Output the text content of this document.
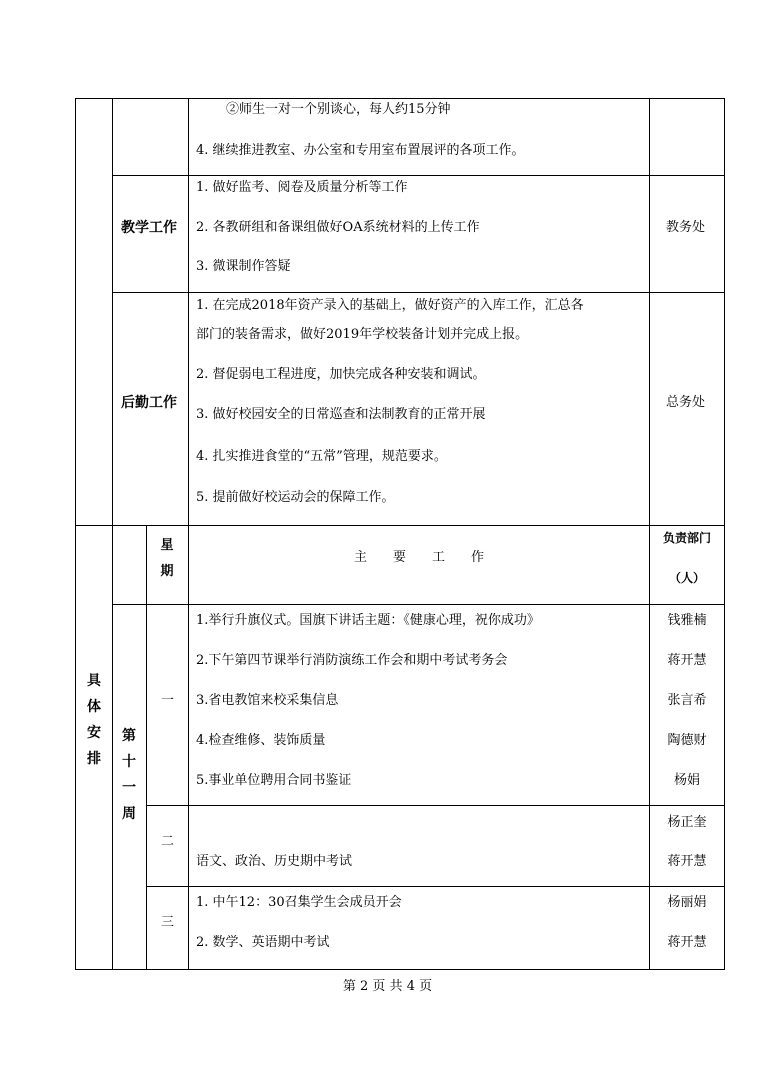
②师生一对一个别谈心，每人约15分钟
4. 继续推进教室、办公室和专用室布置展评的各项工作。
教学工作
1. 做好监考、阅卷及质量分析等工作
2. 各教研组和备课组做好OA系统材料的上传工作
3. 微课制作答疑
教务处
后勤工作
1. 在完成2018年资产录入的基础上，做好资产的入库工作，汇总各
部门的装备需求，做好2019年学校装备计划并完成上报。
2. 督促弱电工程进度，加快完成各种安装和调试。
3. 做好校园安全的日常巡查和法制教育的正常开展
4. 扎实推进食堂的“五常”管理，规范要求。
5. 提前做好校运动会的保障工作。
总务处
具
体
安
排
第
十
一
周
星
期
主　　要　　工　　作
负责部门
（人）
一
1.举行升旗仪式。国旗下讲话主题：《健康心理，祝你成功》
2.下午第四节课举行消防演练工作会和期中考试考务会
3.省电教馆来校采集信息
4.检查维修、装饰质量
5.事业单位聘用合同书鉴证
钱雅楠
蒋开慧
张言希
陶德财
杨娟
二
语文、政治、历史期中考试
杨正奎
蒋开慧
三
1. 中午12：30召集学生会成员开会
2. 数学、英语期中考试
杨丽娟
蒋开慧
第 2 页 共 4 页
